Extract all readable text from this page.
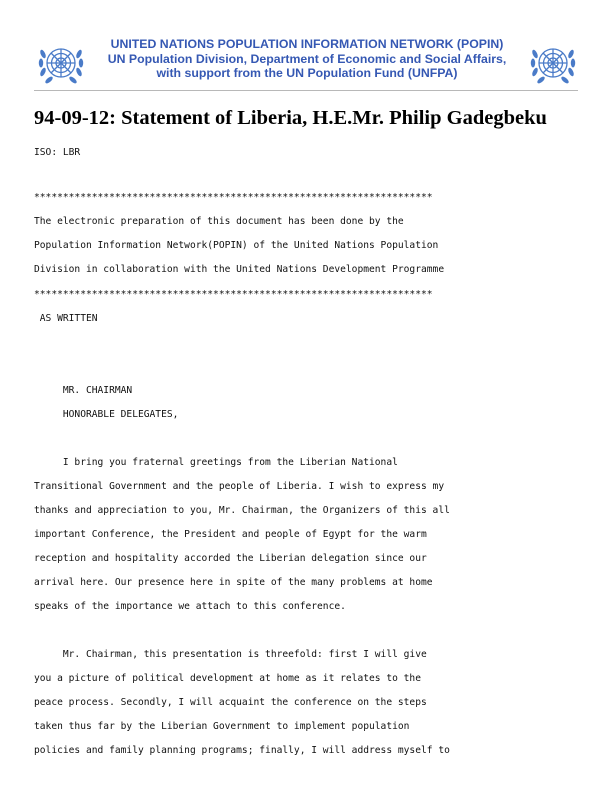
UNITED NATIONS POPULATION INFORMATION NETWORK (POPIN)
UN Population Division, Department of Economic and Social Affairs,
with support from the UN Population Fund (UNFPA)
94-09-12: Statement of Liberia, H.E.Mr. Philip Gadegbeku
ISO: LBR
*********************************************************************
The electronic preparation of this document has been done by the
Population Information Network(POPIN) of the United Nations Population
Division in collaboration with the United Nations Development Programme
*********************************************************************
AS WRITTEN
MR. CHAIRMAN
HONORABLE DELEGATES,
I bring you fraternal greetings from the Liberian National
Transitional Government and the people of Liberia. I wish to express my
thanks and appreciation to you, Mr. Chairman, the Organizers of this all
important Conference, the President and people of Egypt for the warm
reception and hospitality accorded the Liberian delegation since our
arrival here. Our presence here in spite of the many problems at home
speaks of the importance we attach to this conference.
Mr. Chairman, this presentation is threefold: first I will give
you a picture of political development at home as it relates to the
peace process. Secondly, I will acquaint the conference on the steps
taken thus far by the Liberian Government to implement population
policies and family planning programs; finally, I will address myself to
